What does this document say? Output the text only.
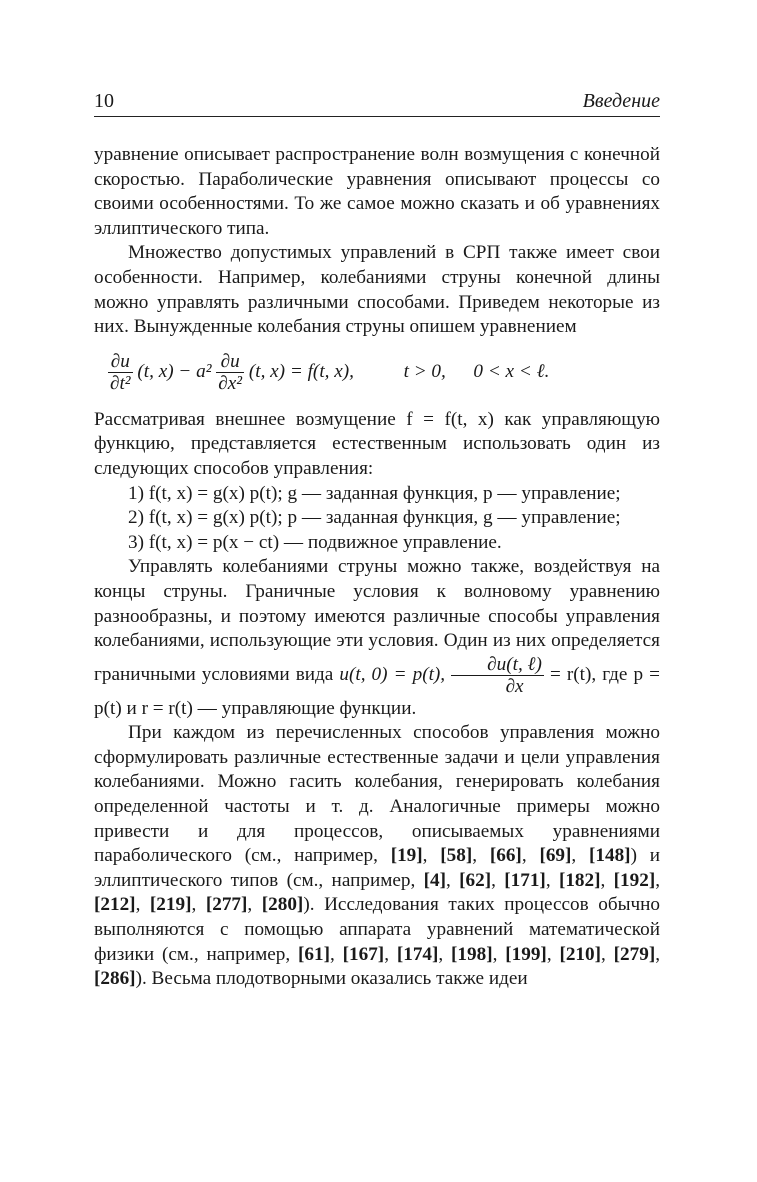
10	Введение

уравнение описывает распространение волн возмущения с конечной скоростью. Параболические уравнения описывают процессы со своими особенностями. То же самое можно сказать и об уравнениях эллиптического типа.

Множество допустимых управлений в СРП также имеет свои особенности. Например, колебаниями струны конечной длины можно управлять различными способами. Приведем некоторые из них. Вынужденные колебания струны опишем уравнением

$\frac{\partial u}{\text{∂t²}} (t$, $x) - a^2 \frac{\partial u}{\text{∂x²}} (t$, x) = f(t, x),	t > 0, 0 < x < ℓ.

Рассматривая внешнее возмущение f = f(t, x) как управляющую функцию, представляется естественным использовать один из следующих способов управления:

1) f(t, x) = g(x) p(t); g — заданная функция, p — управление;

2) f(t, x) = g(x) p(t); p — заданная функция, g — управление;

3) f(t, x) = p(x − ct) — подвижное управление.

Управлять колебаниями струны можно также, воздействуя на концы струны. Граничные условия к волновому уравнению разнообразны, и поэтому имеются различные способы управления колебаниями, использующие эти условия. Один из них определяется граничными условиями вида u(t, 0) = p(t), $\frac{\text{∂u(t, ℓ)}}{\partial x} = r(t)$, где p = p(t) и r = r(t) — управляющие функции.

При каждом из перечисленных способов управления можно сформулировать различные естественные задачи и цели управления колебаниями. Можно гасить колебания, генерировать колебания определенной частоты и т. д. Аналогичные примеры можно привести и для процессов, описываемых уравнениями параболического (см., например, [19], [58], [66], [69], [148]) и эллиптического типов (см., например, [4], [62], [171], [182], [192], [212], [219], [277], [280]). Исследования таких процессов обычно выполняются с помощью аппарата уравнений математической физики (см., например, [61], [167], [174], [198], [199], [210], [279], [286]). Весьма плодотворными оказались также идеи
